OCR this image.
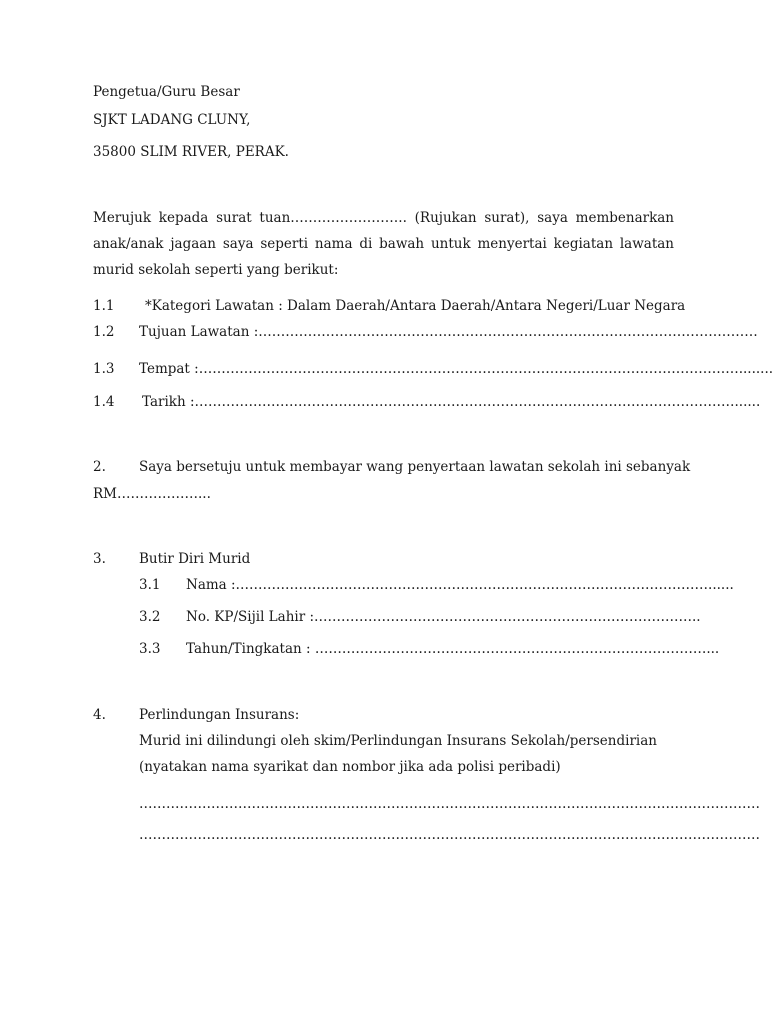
Pengetua/Guru Besar
SJKT LADANG CLUNY,
35800 SLIM RIVER, PERAK.
Merujuk kepada surat tuan…………………….. (Rujukan surat), saya membenarkan anak/anak jagaan saya seperti nama di bawah untuk menyertai kegiatan lawatan murid sekolah seperti yang berikut:
1.1 *Kategori Lawatan : Dalam Daerah/Antara Daerah/Antara Negeri/Luar Negara
1.2 Tujuan Lawatan :…………………………………………………………………………………………………
1.3 Tempat :…………………………………………………………………………………………………………........
1.4 Tarikh :…………………………………………………………………………………………………………......
2. Saya bersetuju untuk membayar wang penyertaan lawatan sekolah ini sebanyak
RM………………...
3. Butir Diri Murid
3.1 Nama :……………………………………………………………………………………………......
3.2 No. KP/Sijil Lahir :…………………………………………………………………………..
3.3 Tahun/Tingkatan : ……………………………………………………………………………...
4. Perlindungan Insurans:
Murid ini dilindungi oleh skim/Perlindungan Insurans Sekolah/persendirian
(nyatakan nama syarikat dan nombor jika ada polisi peribadi)
…………………………………………………………………………………………………………………………
…………………………………………………………………………………………………………………………
